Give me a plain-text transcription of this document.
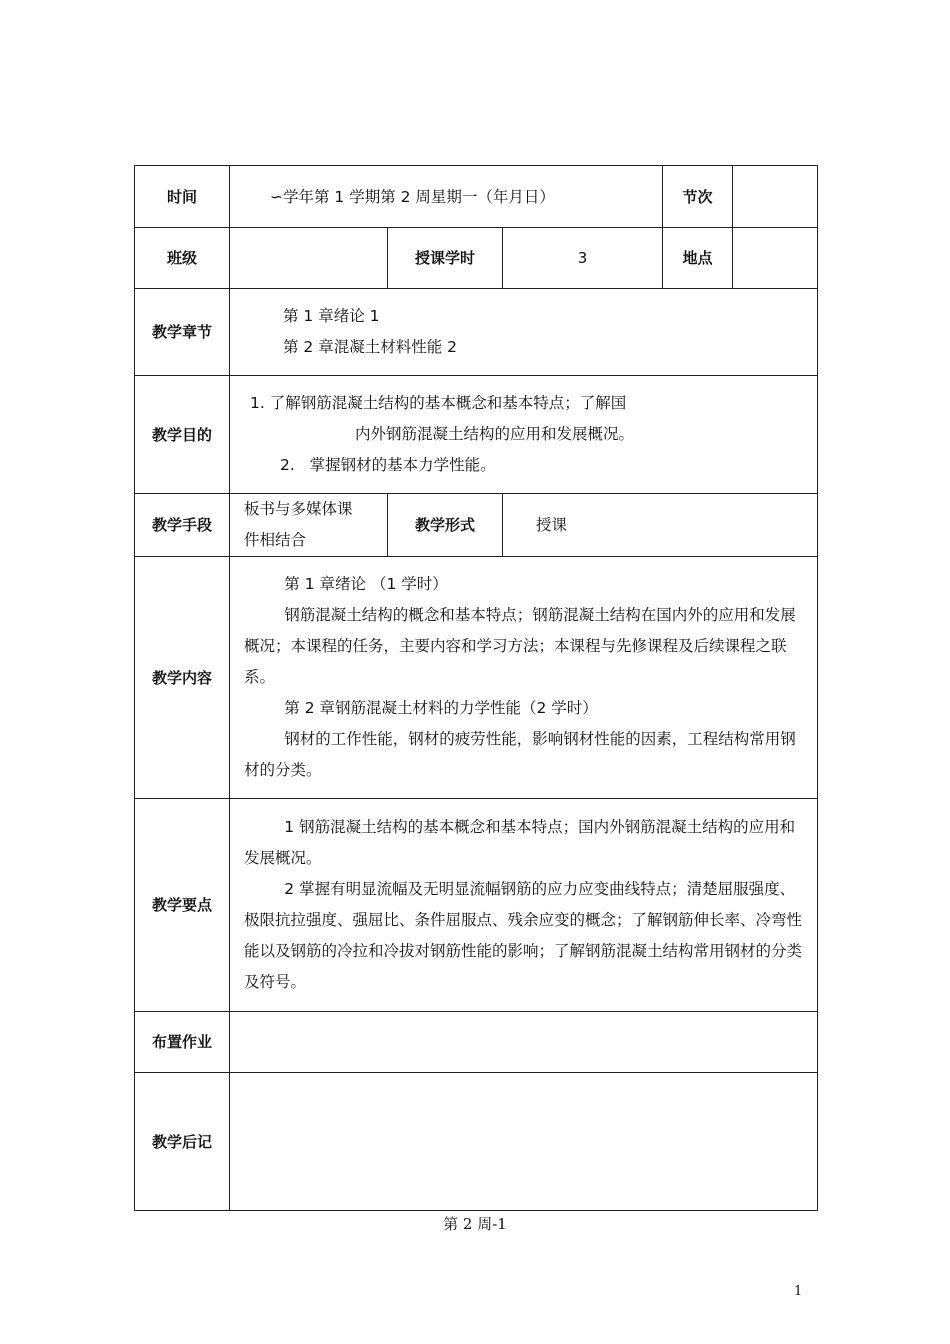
时间	∽学年第 1 学期第 2 周星期一（年月日）			节次	
班级		授课学时	3	地点	
教学章节	第 1 章绪论 1
第 2 章混凝土材料性能 2				

教学目的	1. 了解钢筋混凝土结构的基本概念和基本特点；了解国
内外钢筋混凝土结构的应用和发展概况。
2.   掌握钢材的基本力学性能。				

教学手段	板书与多媒体课
件相结合	教学形式	授课		

教学内容	第 1 章绪论 （1 学时）
钢筋混凝土结构的概念和基本特点；钢筋混凝土结构在国内外的应用和发展概况；本课程的任务，主要内容和学习方法；本课程与先修课程及后续课程之联系。
第 2 章钢筋混凝土材料的力学性能（2 学时）
钢材的工作性能，钢材的疲劳性能，影响钢材性能的因素，工程结构常用钢材的分类。				

教学要点	1 钢筋混凝土结构的基本概念和基本特点；国内外钢筋混凝土结构的应用和发展概况。
2 掌握有明显流幅及无明显流幅钢筋的应力应变曲线特点；清楚屈服强度、极限抗拉强度、强屈比、条件屈服点、残余应变的概念；了解钢筋伸长率、冷弯性能以及钢筋的冷拉和冷拔对钢筋性能的影响；了解钢筋混凝土结构常用钢材的分类及符号。				

布置作业					
教学后记					
第 2 周-1
1
